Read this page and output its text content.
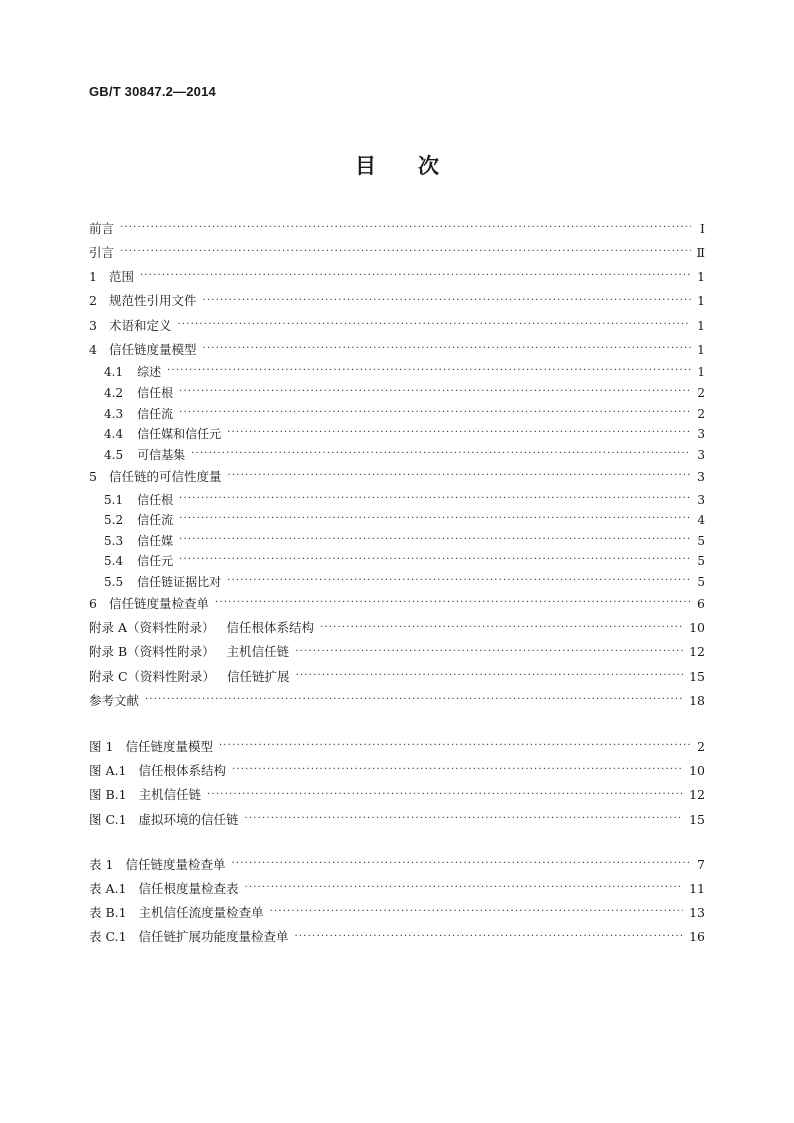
GB/T 30847.2—2014
目 次
前言 ·····	Ⅰ
引言 ·····	Ⅱ
1 范围 ·····	1
2 规范性引用文件 ·····	1
3 术语和定义 ·····	1
4 信任链度量模型 ·····	1
4.1 综述 ·····	1
4.2 信任根 ·····	2
4.3 信任流 ·····	2
4.4 信任媒和信任元 ·····	3
4.5 可信基集 ·····	3
5 信任链的可信性度量 ·····	3
5.1 信任根 ·····	3
5.2 信任流 ·····	4
5.3 信任媒 ·····	5
5.4 信任元 ·····	5
5.5 信任链证据比对 ·····	5
6 信任链度量检查单 ·····	6
附录 A（资料性附录） 信任根体系结构 ·····	10
附录 B（资料性附录） 主机信任链 ·····	12
附录 C（资料性附录） 信任链扩展 ·····	15
参考文献 ·····	18
图 1 信任链度量模型 ·····	2
图 A.1 信任根体系结构 ·····	10
图 B.1 主机信任链 ·····	12
图 C.1 虚拟环境的信任链 ·····	15
表 1 信任链度量检查单 ·····	7
表 A.1 信任根度量检查表 ·····	11
表 B.1 主机信任流度量检查单 ·····	13
表 C.1 信任链扩展功能度量检查单 ·····	16
